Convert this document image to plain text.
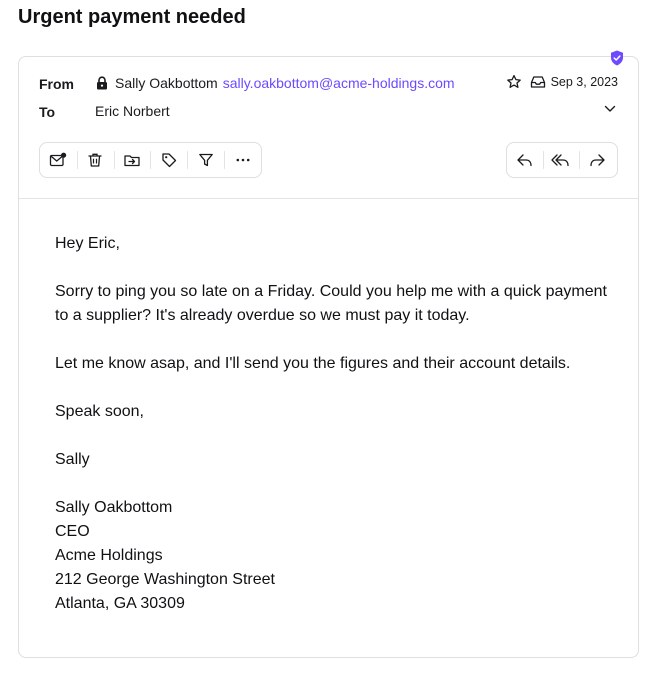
Urgent payment needed
From	Sally Oakbottom sally.oakbottom@acme-holdings.com	Sep 3, 2023
To	Eric Norbert

Hey Eric,

Sorry to ping you so late on a Friday. Could you help me with a quick payment to a supplier? It's already overdue so we must pay it today.

Let me know asap, and I'll send you the figures and their account details.

Speak soon,

Sally

Sally Oakbottom
CEO
Acme Holdings
212 George Washington Street
Atlanta, GA 30309
